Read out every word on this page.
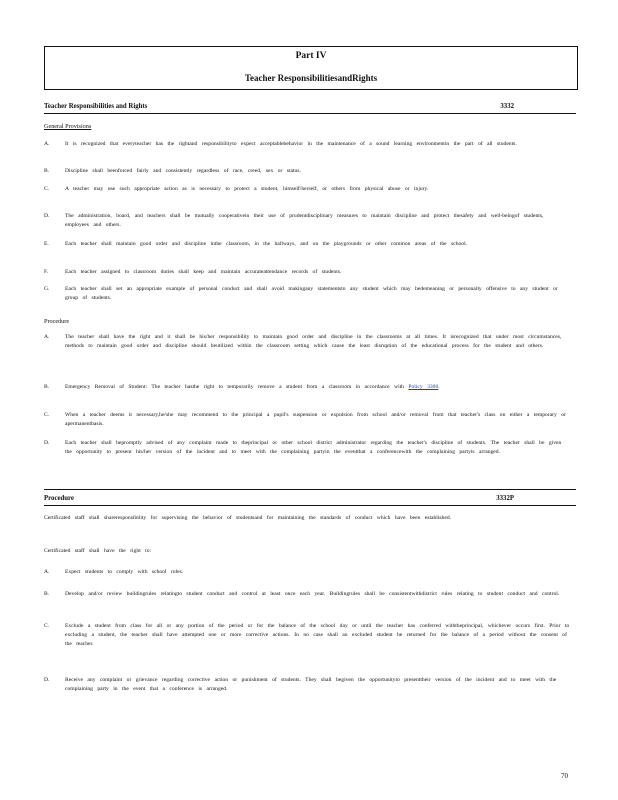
Part IV
Teacher ResponsibilitiesandRights
Teacher Responsibilities and Rights	3332
General Provisions
A.	It is recognized that everyteacher has the rightand responsibilityto expect acceptablebehavior in the maintenance of a sound learning environmentin the part of all students.
B.	Discipline shall beenforced fairly and consistently regardless of race, creed, sex or status.
C.	A teacher may use such appropriate action as is necessary to protect a student, himself/herself, or others from physical abuse or injury.
D.	The administration, board, and teachers shall be mutually cooperativein their use of prudentdisciplinary measures to maintain discipline and protect thesafety and well-beingof students, employees and others.
E.	Each teacher shall maintain good order and discipline inthe classroom, in the hallways, and on the playgrounds or other common areas of the school.
F.	Each teacher assigned to classroom duties shall keep and maintain accurateattendance records of students.
G.	Each teacher shall set an appropriate example of personal conduct and shall avoid makingany statementsto any student which may bedemeaning or personally offensive to any student or group of students.
Procedure
A.	The teacher shall have the right and it shall be his/her responsibility to maintain good order and discipline in the classrooms at all times. It isrecognized that under most circumstances, methods to maintain good order and discipline should beutilized within the classroom setting which cause the least disruption of the educational process for the student and others.
B.	Emergency Removal of Student: The teacher hasthe right to temporarily remove a student from a classroom in accordance with Policy 3300.
C.	When a teacher deems it necessary,he/she may recommend to the principal a pupil's suspension or expulsion from school and/or removal from that teacher's class on either a temporary or apermanentbasis.
D.	Each teacher shall bepromptly advised of any complaint made to theprincipal or other school district administrator regarding the teacher's discipline of students. The teacher shall be given the opportunity to present his/her version of the incident and to meet with the complaining partyin the eventthat a conferencewith the complaining partyis arranged.
Procedure	3332P
Certificated staff shall shareresponsibility for supervising the behavior of studentsand for maintaining the standards of conduct which have been established.
Certificated staff shall have the right to:
A.	Expect students to comply with school rules.
B.	Develop and/or review buildingrules relatingto student conduct and control at least once each year. Buildingrules shall be consistentwithdistrict rules relating to student conduct and control.
C.	Exclude a student from class for all or any portion of the period or for the balance of the school day or until the teacher has conferred withtheprincipal, whichever occurs first. Prior to excluding a student, the teacher shall have attempted one or more corrective actions. In no case shall an excluded student be returned for the balance of a period without the consent of the teacher.
D.	Receive any complaint or grievance regarding corrective action or punishment of students. They shall begiven the opportunityto presenttheir version of the incident and to meet with the complaining party in the event that a conference is arranged.
70
